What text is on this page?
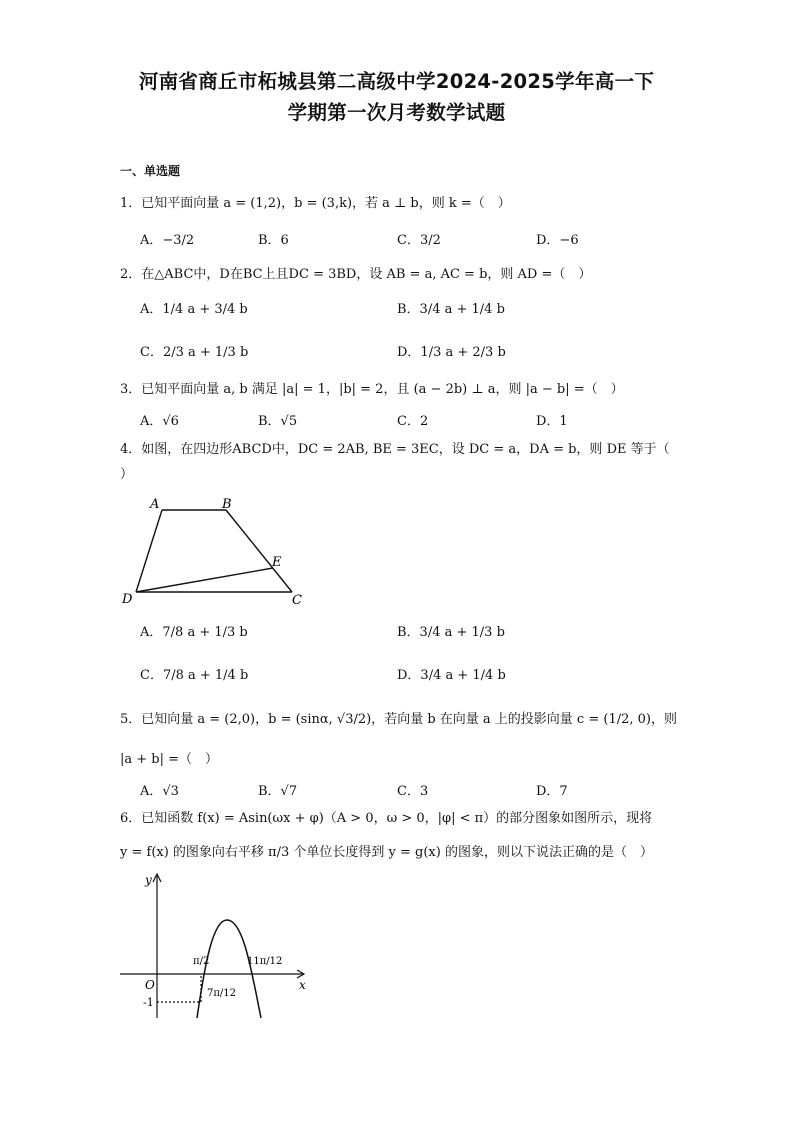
河南省商丘市柘城县第二高级中学2024-2025学年高一下
学期第一次月考数学试题
一、单选题
1．已知平面向量 a = (1,2)，b = (3,k)，若 a ⊥ b，则 k =（　）
A．−3/2	B．6	C．3/2	D．−6
2．在△ABC中，D在BC上且DC = 3BD，设 AB = a, AC = b，则 AD =（　）
A．1/4 a + 3/4 b	B．3/4 a + 1/4 b
C．2/3 a + 1/3 b	D．1/3 a + 2/3 b
3．已知平面向量 a, b 满足 |a| = 1，|b| = 2，且 (a − 2b) ⊥ a，则 |a − b| =（　）
A．√6	B．√5	C．2	D．1
4．如图，在四边形ABCD中，DC = 2AB, BE = 3EC，设 DC = a，DA = b，则 DE 等于（
）
A	B
C
D
E
A．7/8 a + 1/3 b	B．3/4 a + 1/3 b
C．7/8 a + 1/4 b	D．3/4 a + 1/4 b
5．已知向量 a = (2,0)，b = (sinα, √3/2)，若向量 b 在向量 a 上的投影向量 c = (1/2, 0)，则
|a + b| =（　）
A．√3	B．√7	C．3	D．7
6．已知函数 f(x) = Asin(ωx + φ)（A > 0，ω > 0，|φ| < π）的部分图象如图所示，现将
y = f(x) 的图象向右平移 π/3 个单位长度得到 y = g(x) 的图象，则以下说法正确的是（　）
y
x
O
-1
π/2
7π/12
11π/12
